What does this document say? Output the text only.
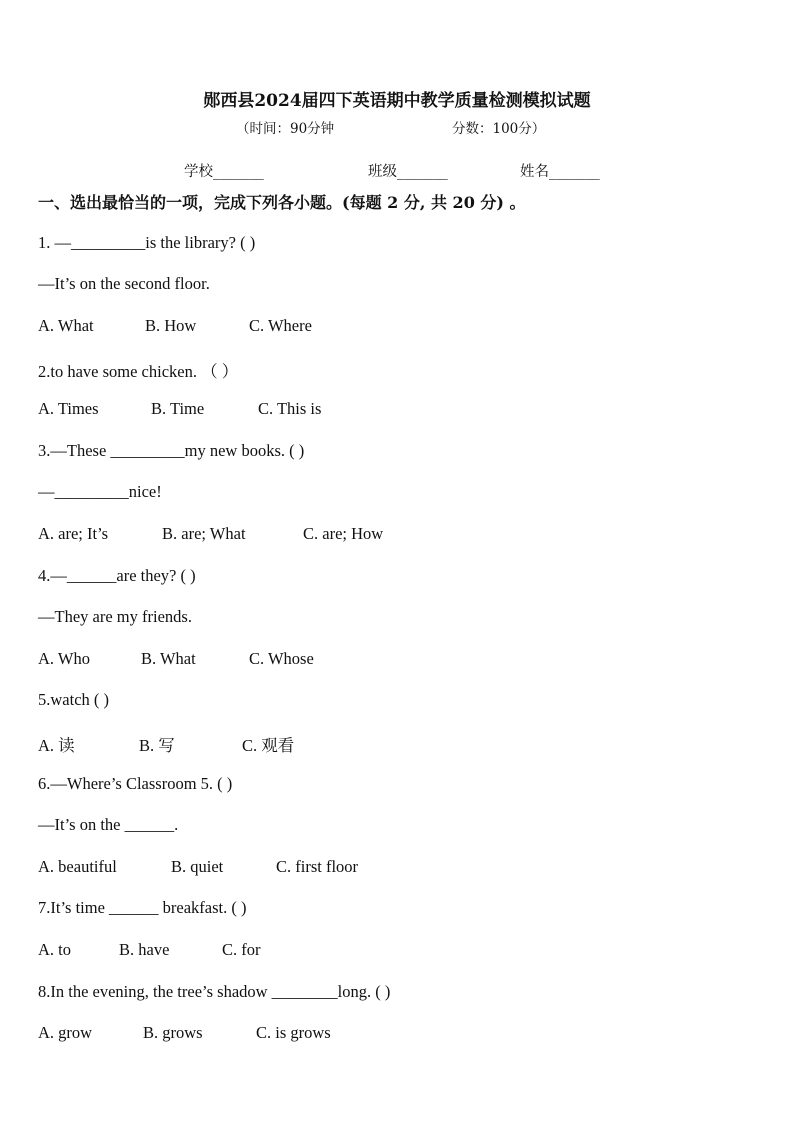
郧西县2024届四下英语期中教学质量检测模拟试题
（时间：90分钟	分数：100分）
学校_______	班级_______	姓名_______
一、选出最恰当的一项，完成下列各小题。(每题 2 分, 共 20 分) 。
1. —_________is the library? ( )
—It’s on the second floor.
A. What	B. How	C. Where
2.to have some chicken. （ ）
A. Times	B. Time	C. This is
3.—These _________my new books. ( )
—_________nice!
A. are; It’s	B. are; What	C. are; How
4.—______are they? ( )
—They are my friends.
A. Who	B. What	C. Whose
5.watch ( )
A. 读	B. 写	C. 观看
6.—Where’s Classroom 5. ( )
—It’s on the ______.
A. beautiful	B. quiet	C. first floor
7.It’s time ______ breakfast. ( )
A. to	B. have	C. for
8.In the evening, the tree’s shadow ________long. ( )
A. grow	B. grows	C. is grows
